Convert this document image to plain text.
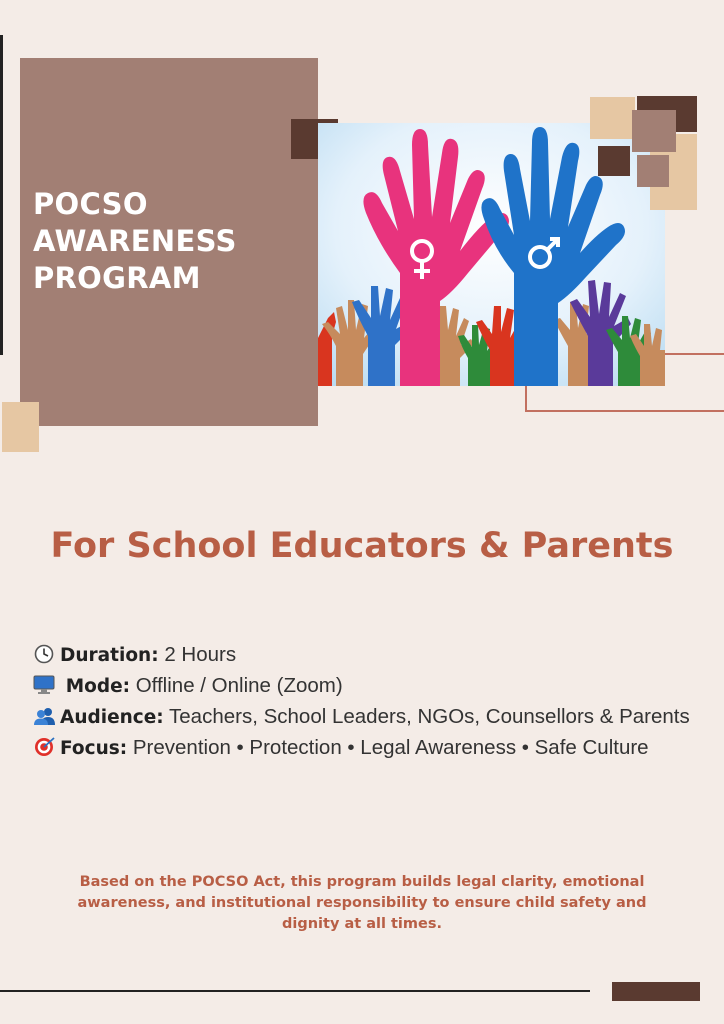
POCSO
AWARENESS
PROGRAM
For School Educators & Parents
Duration: 2 Hours
Mode: Offline / Online (Zoom)
Audience: Teachers, School Leaders, NGOs, Counsellors & Parents
Focus: Prevention • Protection • Legal Awareness • Safe Culture

Based on the POCSO Act, this program builds legal clarity, emotional awareness, and institutional responsibility to ensure child safety and dignity at all times.
